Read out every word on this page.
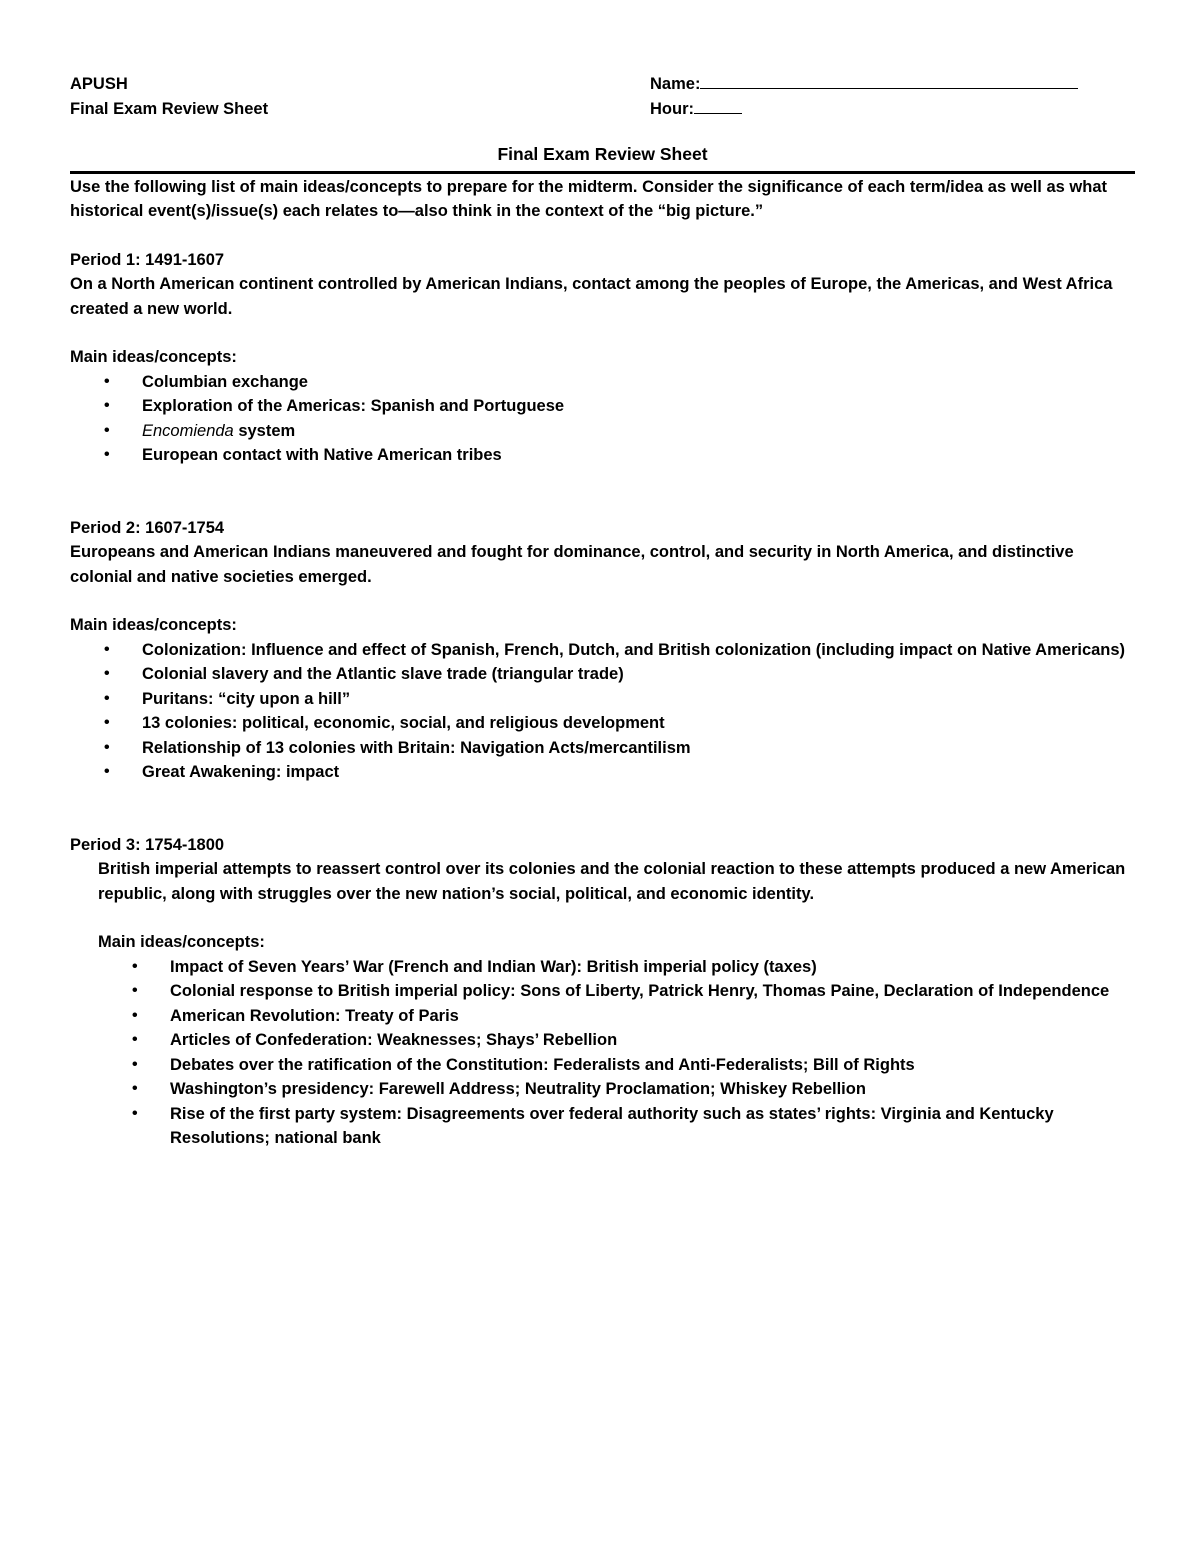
APUSH
Final Exam Review Sheet
Name:
Hour:
Final Exam Review Sheet
Use the following list of main ideas/concepts to prepare for the midterm. Consider the significance of each term/idea as well as what historical event(s)/issue(s) each relates to—also think in the context of the “big picture.”
Period 1: 1491-1607
On a North American continent controlled by American Indians, contact among the peoples of Europe, the Americas, and West Africa created a new world.
Main ideas/concepts:
• Columbian exchange
• Exploration of the Americas: Spanish and Portuguese
• Encomienda system
• European contact with Native American tribes
Period 2: 1607-1754
Europeans and American Indians maneuvered and fought for dominance, control, and security in North America, and distinctive colonial and native societies emerged.
Main ideas/concepts:
• Colonization: Influence and effect of Spanish, French, Dutch, and British colonization (including impact on Native Americans)
• Colonial slavery and the Atlantic slave trade (triangular trade)
• Puritans: “city upon a hill”
• 13 colonies: political, economic, social, and religious development
• Relationship of 13 colonies with Britain: Navigation Acts/mercantilism
• Great Awakening: impact
Period 3: 1754-1800
British imperial attempts to reassert control over its colonies and the colonial reaction to these attempts produced a new American republic, along with struggles over the new nation’s social, political, and economic identity.
Main ideas/concepts:
• Impact of Seven Years’ War (French and Indian War): British imperial policy (taxes)
• Colonial response to British imperial policy: Sons of Liberty, Patrick Henry, Thomas Paine, Declaration of Independence
• American Revolution: Treaty of Paris
• Articles of Confederation: Weaknesses; Shays’ Rebellion
• Debates over the ratification of the Constitution: Federalists and Anti-Federalists; Bill of Rights
• Washington’s presidency: Farewell Address; Neutrality Proclamation; Whiskey Rebellion
• Rise of the first party system: Disagreements over federal authority such as states’ rights: Virginia and Kentucky Resolutions; national bank
